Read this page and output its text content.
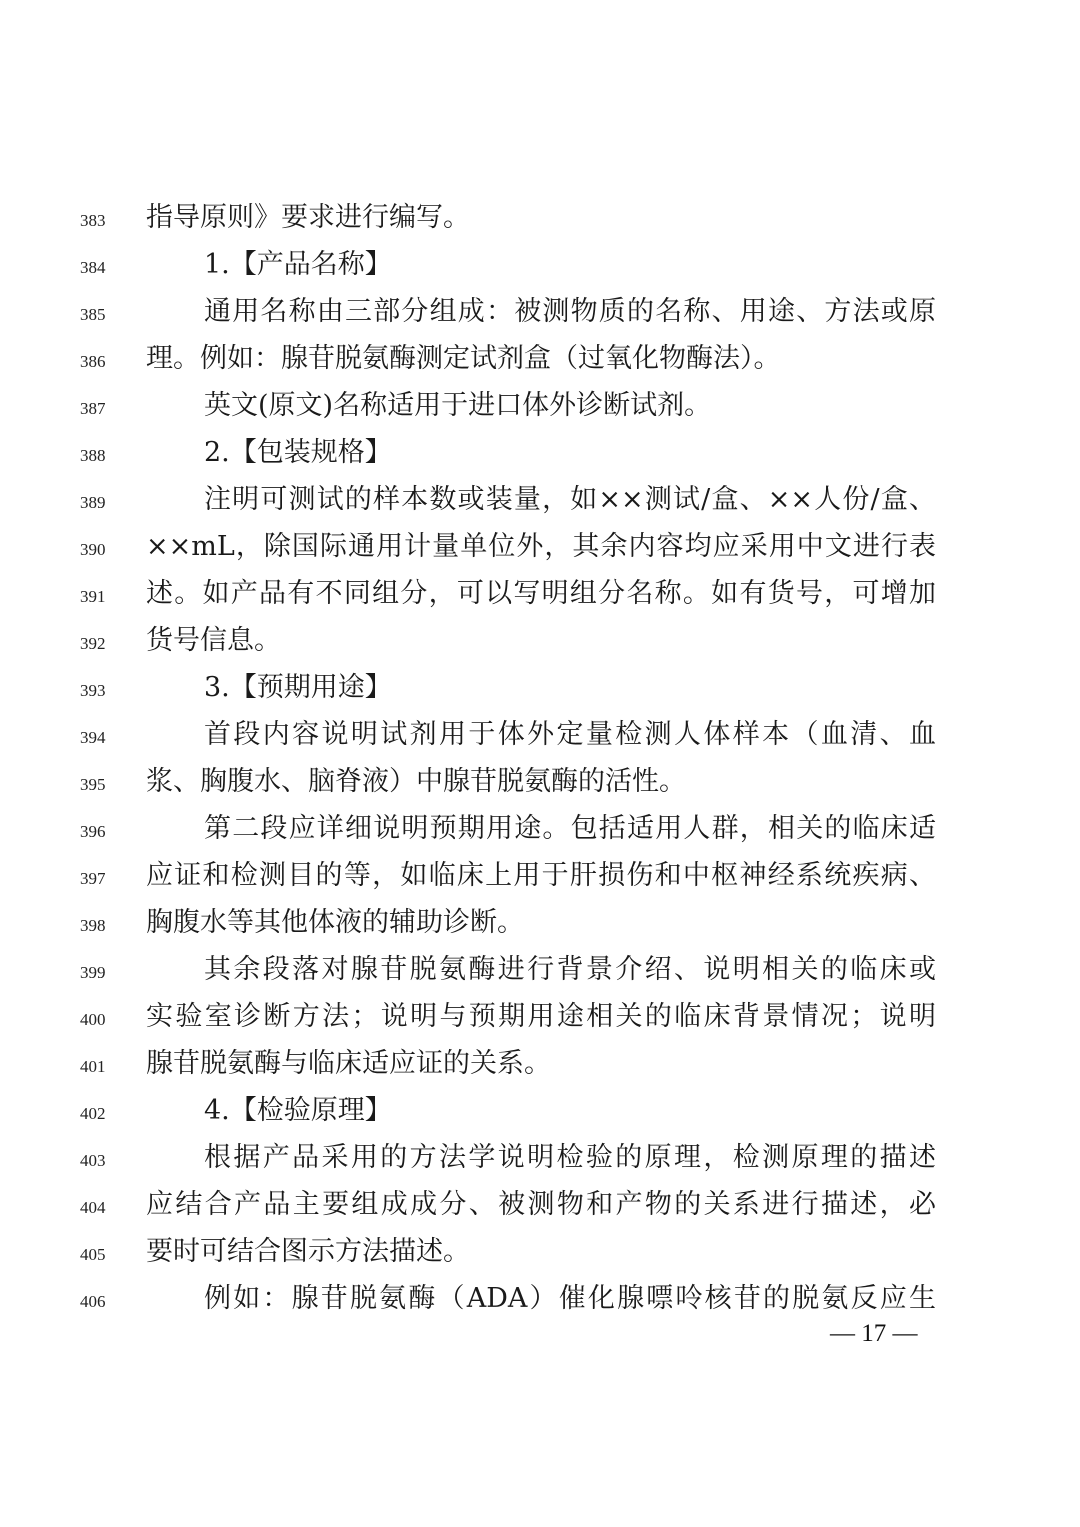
383	指导原则》要求进行编写。
384	1.【产品名称】
385	通用名称由三部分组成：被测物质的名称、用途、方法或原
386	理。例如：腺苷脱氨酶测定试剂盒（过氧化物酶法）。
387	英文(原文)名称适用于进口体外诊断试剂。
388	2.【包装规格】
389	注明可测试的样本数或装量，如××测试/盒、××人份/盒、
390	××mL，除国际通用计量单位外，其余内容均应采用中文进行表
391	述。如产品有不同组分，可以写明组分名称。如有货号，可增加
392	货号信息。
393	3.【预期用途】
394	首段内容说明试剂用于体外定量检测人体样本（血清、血
395	浆、胸腹水、脑脊液）中腺苷脱氨酶的活性。
396	第二段应详细说明预期用途。包括适用人群，相关的临床适
397	应证和检测目的等，如临床上用于肝损伤和中枢神经系统疾病、
398	胸腹水等其他体液的辅助诊断。
399	其余段落对腺苷脱氨酶进行背景介绍、说明相关的临床或
400	实验室诊断方法；说明与预期用途相关的临床背景情况；说明
401	腺苷脱氨酶与临床适应证的关系。
402	4.【检验原理】
403	根据产品采用的方法学说明检验的原理，检测原理的描述
404	应结合产品主要组成成分、被测物和产物的关系进行描述，必
405	要时可结合图示方法描述。
406	例如：腺苷脱氨酶（ADA）催化腺嘌呤核苷的脱氨反应生
— 17 —
